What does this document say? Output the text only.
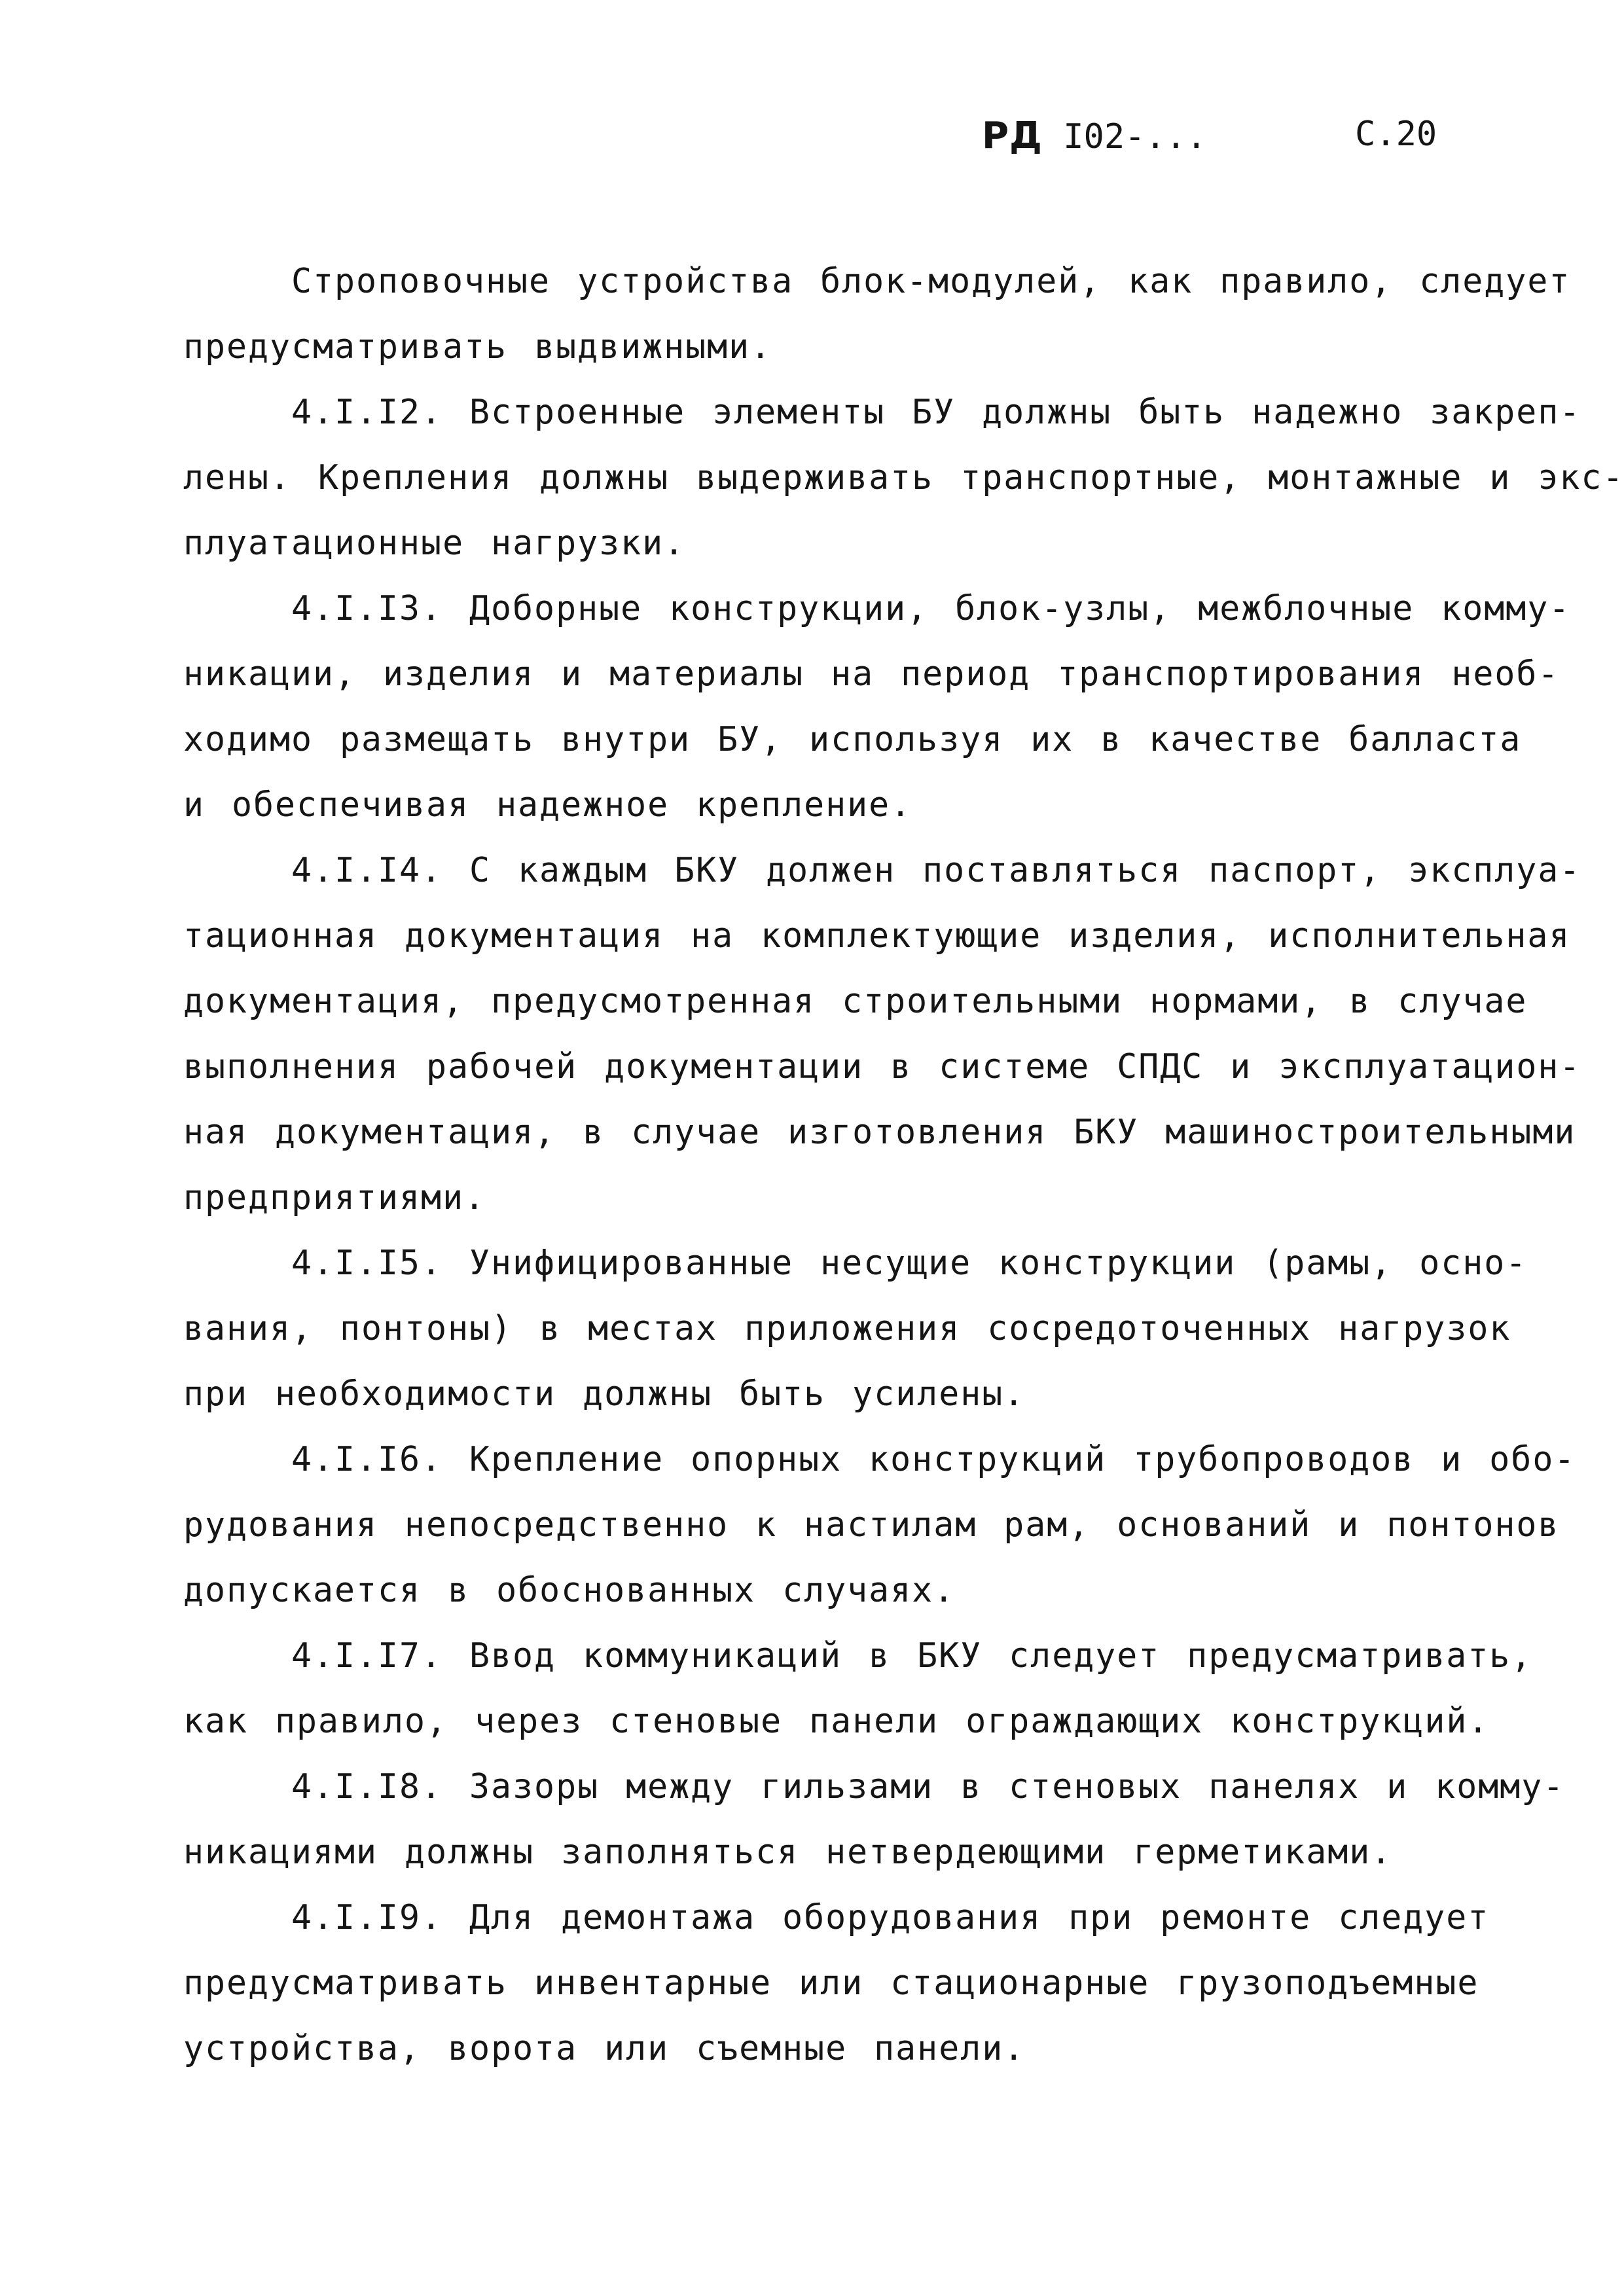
РД I02-...	С.20
Строповочные устройства блок-модулей, как правило, следует
предусматривать выдвижными.
4.I.I2. Встроенные элементы БУ должны быть надежно закреп-
лены. Крепления должны выдерживать транспортные, монтажные и экс-
плуатационные нагрузки.
4.I.I3. Доборные конструкции, блок-узлы, межблочные комму-
никации, изделия и материалы на период транспортирования необ-
ходимо размещать внутри БУ, используя их в качестве балласта
и обеспечивая надежное крепление.
4.I.I4. С каждым БКУ должен поставляться паспорт, эксплуа-
тационная документация на комплектующие изделия, исполнительная
документация, предусмотренная строительными нормами, в случае
выполнения рабочей документации в системе СПДС и эксплуатацион-
ная документация, в случае изготовления БКУ машиностроительными
предприятиями.
4.I.I5. Унифицированные несущие конструкции (рамы, осно-
вания, понтоны) в местах приложения сосредоточенных нагрузок
при необходимости должны быть усилены.
4.I.I6. Крепление опорных конструкций трубопроводов и обо-
рудования непосредственно к настилам рам, оснований и понтонов
допускается в обоснованных случаях.
4.I.I7. Ввод коммуникаций в БКУ следует предусматривать,
как правило, через стеновые панели ограждающих конструкций.
4.I.I8. Зазоры между гильзами в стеновых панелях и комму-
никациями должны заполняться нетвердеющими герметиками.
4.I.I9. Для демонтажа оборудования при ремонте следует
предусматривать инвентарные или стационарные грузоподъемные
устройства, ворота или съемные панели.
